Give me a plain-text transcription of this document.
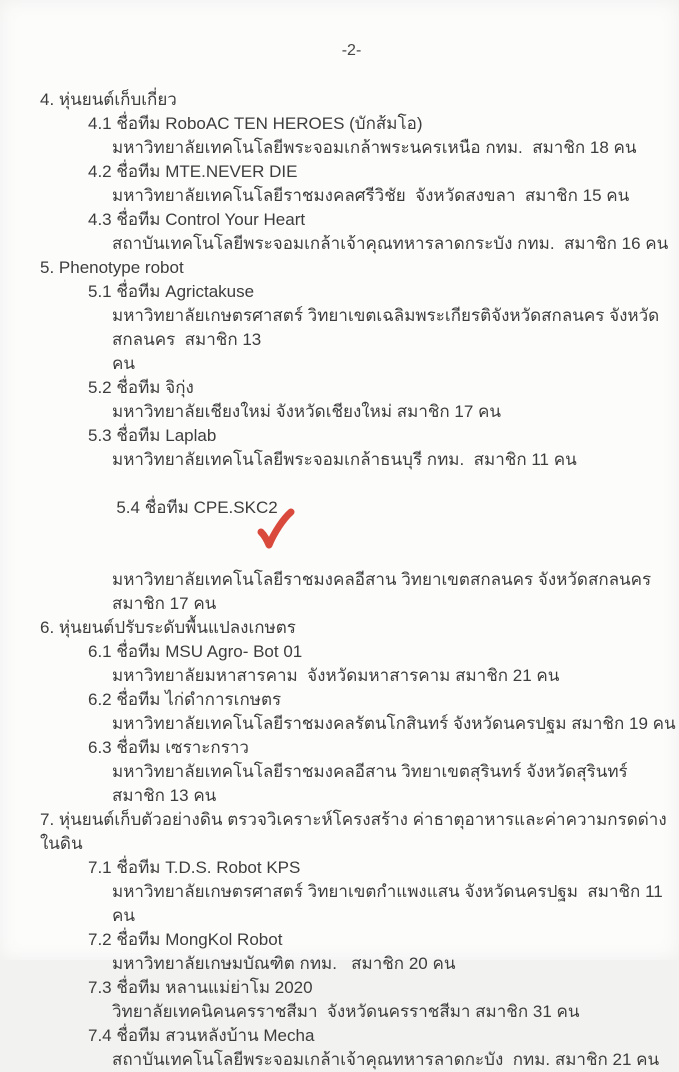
-2-
4. หุ่นยนต์เก็บเกี่ยว
4.1 ชื่อทีม RoboAC TEN HEROES (บักส้มโอ)
มหาวิทยาลัยเทคโนโลยีพระจอมเกล้าพระนครเหนือ กทม.  สมาชิก 18 คน
4.2 ชื่อทีม MTE.NEVER DIE
มหาวิทยาลัยเทคโนโลยีราชมงคลศรีวิชัย  จังหวัดสงขลา  สมาชิก 15 คน
4.3 ชื่อทีม Control Your Heart
สถาบันเทคโนโลยีพระจอมเกล้าเจ้าคุณทหารลาดกระบัง กทม.  สมาชิก 16 คน
5. Phenotype robot
5.1 ชื่อทีม Agrictakuse
มหาวิทยาลัยเกษตรศาสตร์ วิทยาเขตเฉลิมพระเกียรติจังหวัดสกลนคร จังหวัดสกลนคร  สมาชิก 13
คน
5.2 ชื่อทีม จิกุ่ง
มหาวิทยาลัยเชียงใหม่ จังหวัดเชียงใหม่ สมาชิก 17 คน
5.3 ชื่อทีม Laplab
มหาวิทยาลัยเทคโนโลยีพระจอมเกล้าธนบุรี กทม.  สมาชิก 11 คน

5.4 ชื่อทีม CPE.SKC2

มหาวิทยาลัยเทคโนโลยีราชมงคลอีสาน วิทยาเขตสกลนคร จังหวัดสกลนคร  สมาชิก 17 คน
6. หุ่นยนต์ปรับระดับพื้นแปลงเกษตร
6.1 ชื่อทีม MSU Agro- Bot 01
มหาวิทยาลัยมหาสารคาม  จังหวัดมหาสารคาม สมาชิก 21 คน
6.2 ชื่อทีม ไก่ดำการเกษตร
มหาวิทยาลัยเทคโนโลยีราชมงคลรัตนโกสินทร์ จังหวัดนครปฐม สมาชิก 19 คน
6.3 ชื่อทีม เซราะกราว
มหาวิทยาลัยเทคโนโลยีราชมงคลอีสาน วิทยาเขตสุรินทร์ จังหวัดสุรินทร์  สมาชิก 13 คน
7. หุ่นยนต์เก็บตัวอย่างดิน ตรวจวิเคราะห์โครงสร้าง ค่าธาตุอาหารและค่าความกรดด่างในดิน
7.1 ชื่อทีม T.D.S. Robot KPS
มหาวิทยาลัยเกษตรศาสตร์ วิทยาเขตกำแพงแสน จังหวัดนครปฐม  สมาชิก 11 คน
7.2 ชื่อทีม MongKol Robot
มหาวิทยาลัยเกษมบัณฑิต กทม.   สมาชิก 20 คน
7.3 ชื่อทีม หลานแม่ย่าโม 2020
วิทยาลัยเทคนิคนครราชสีมา  จังหวัดนครราชสีมา สมาชิก 31 คน
7.4 ชื่อทีม สวนหลังบ้าน Mecha
สถาบันเทคโนโลยีพระจอมเกล้าเจ้าคุณทหารลาดกะบัง  กทม. สมาชิก 21 คน
